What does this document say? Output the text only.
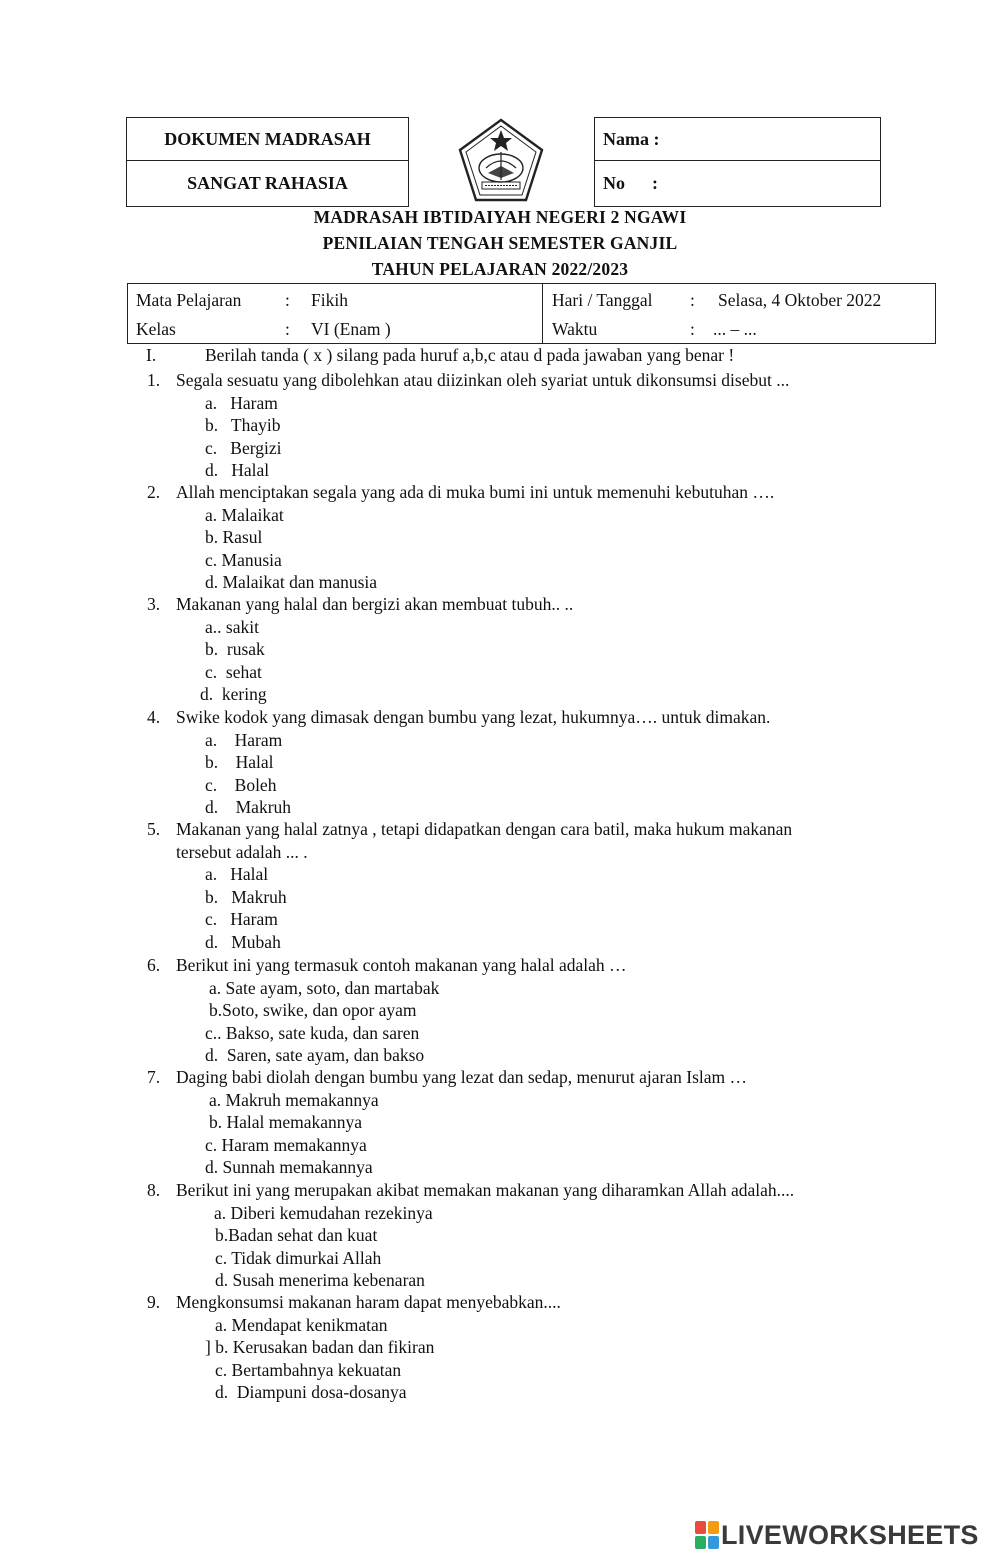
DOKUMEN MADRASAH
SANGAT RAHASIA
Nama :
No      :
MADRASAH IBTIDAIYAH NEGERI 2 NGAWI
PENILAIAN TENGAH SEMESTER GANJIL
TAHUN PELAJARAN 2022/2023
Mata Pelajaran : Fikih
Kelas	: VI (Enam )
Hari / Tanggal : Selasa, 4 Oktober 2022
Waktu	: ... – ...
I.	Berilah tanda ( x ) silang pada huruf a,b,c atau d pada jawaban yang benar !
1. Segala sesuatu yang dibolehkan atau diizinkan oleh syariat untuk dikonsumsi disebut ...
a.   Haram
b.   Thayib
c.   Bergizi
d.   Halal
2. Allah menciptakan segala yang ada di muka bumi ini untuk memenuhi kebutuhan ….
a. Malaikat
b. Rasul
c. Manusia
d. Malaikat dan manusia
3. Makanan yang halal dan bergizi akan membuat tubuh.. ..
a.. sakit
b.  rusak
c.  sehat
d.  kering
4. Swike kodok yang dimasak dengan bumbu yang lezat, hukumnya…. untuk dimakan.
a.    Haram
b.    Halal
c.    Boleh
d.    Makruh
5. Makanan yang halal zatnya , tetapi didapatkan dengan cara batil, maka hukum makanan
tersebut adalah ... .
a.   Halal
b.   Makruh
c.   Haram
d.   Mubah
6. Berikut ini yang termasuk contoh makanan yang halal adalah …
a. Sate ayam, soto, dan martabak
b.Soto, swike, dan opor ayam
c.. Bakso, sate kuda, dan saren
d.  Saren, sate ayam, dan bakso
7. Daging babi diolah dengan bumbu yang lezat dan sedap, menurut ajaran Islam …
a. Makruh memakannya
b. Halal memakannya
c. Haram memakannya
d. Sunnah memakannya
8. Berikut ini yang merupakan akibat memakan makanan yang diharamkan Allah adalah....
a. Diberi kemudahan rezekinya
b.Badan sehat dan kuat
c. Tidak dimurkai Allah
d. Susah menerima kebenaran
9. Mengkonsumsi makanan haram dapat menyebabkan....
a. Mendapat kenikmatan
] b. Kerusakan badan dan fikiran
c. Bertambahnya kekuatan
d.  Diampuni dosa-dosanya
LIVEWORKSHEETS
